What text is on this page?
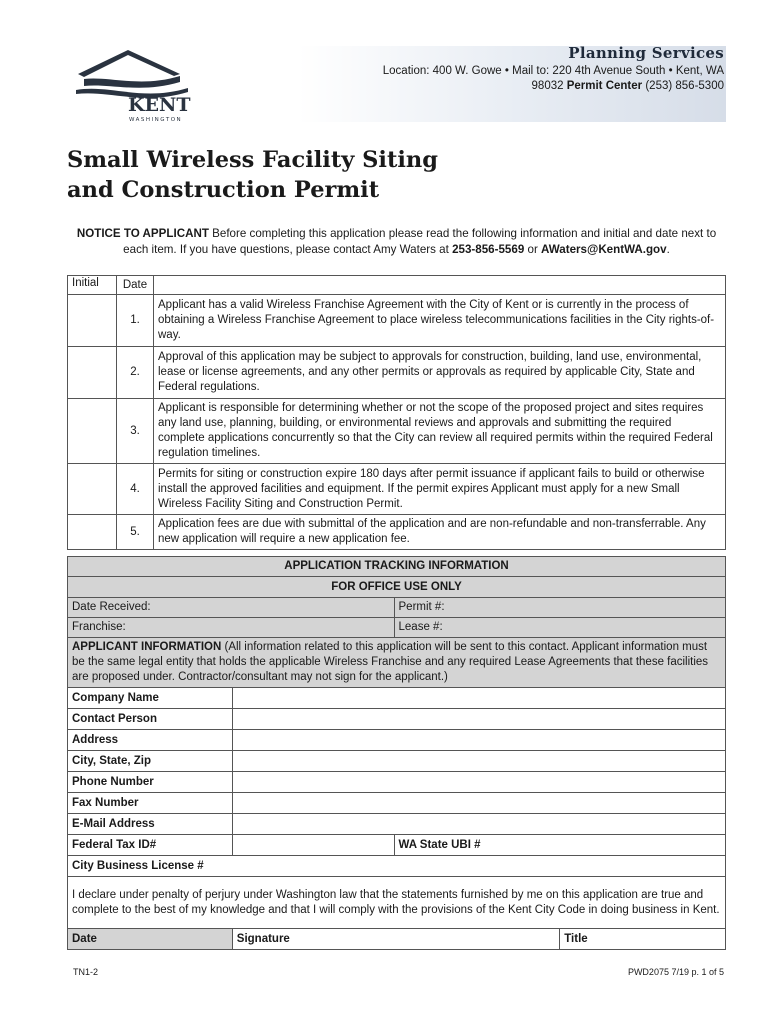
KENT
WASHINGTON
Planning Services
Location: 400 W. Gowe • Mail to: 220 4th Avenue South • Kent, WA
98032 Permit Center (253) 856-5300
Small Wireless Facility Siting
and Construction Permit
NOTICE TO APPLICANT Before completing this application please read the following information and initial and date next to each item. If you have questions, please contact Amy Waters at 253-856-5569 or AWaters@KentWA.gov.
Initial	Date	
	1.	Applicant has a valid Wireless Franchise Agreement with the City of Kent or is currently in the process of obtaining a Wireless Franchise Agreement to place wireless telecommunications facilities in the City rights-of-way.
	2.	Approval of this application may be subject to approvals for construction, building, land use, environmental, lease or license agreements, and any other permits or approvals as required by applicable City, State and Federal regulations.
	3.	Applicant is responsible for determining whether or not the scope of the proposed project and sites requires any land use, planning, building, or environmental reviews and approvals and submitting the required complete applications concurrently so that the City can review all required permits within the required Federal regulation timelines.
	4.	Permits for siting or construction expire 180 days after permit issuance if applicant fails to build or otherwise install the approved facilities and equipment. If the permit expires Applicant must apply for a new Small Wireless Facility Siting and Construction Permit.
	5.	Application fees are due with submittal of the application and are non-refundable and non-transferrable. Any new application will require a new application fee.
APPLICATION TRACKING INFORMATION			
FOR OFFICE USE ONLY			
Date Received:		Permit #:	
Franchise:		Lease #:	
APPLICANT INFORMATION (All information related to this application will be sent to this contact. Applicant information must be the same legal entity that holds the applicable Wireless Franchise and any required Lease Agreements that these facilities are proposed under. Contractor/consultant may not sign for the applicant.)			
Company Name			
Contact Person			
Address			
City, State, Zip			
Phone Number			
Fax Number			
E-Mail Address			
Federal Tax ID#		WA State UBI #	
City Business License #			
I declare under penalty of perjury under Washington law that the statements furnished by me on this application are true and complete to the best of my knowledge and that I will comply with the provisions of the Kent City Code in doing business in Kent.			
Date	Signature		Title
TN1-2	PWD2075 7/19 p. 1 of 5
